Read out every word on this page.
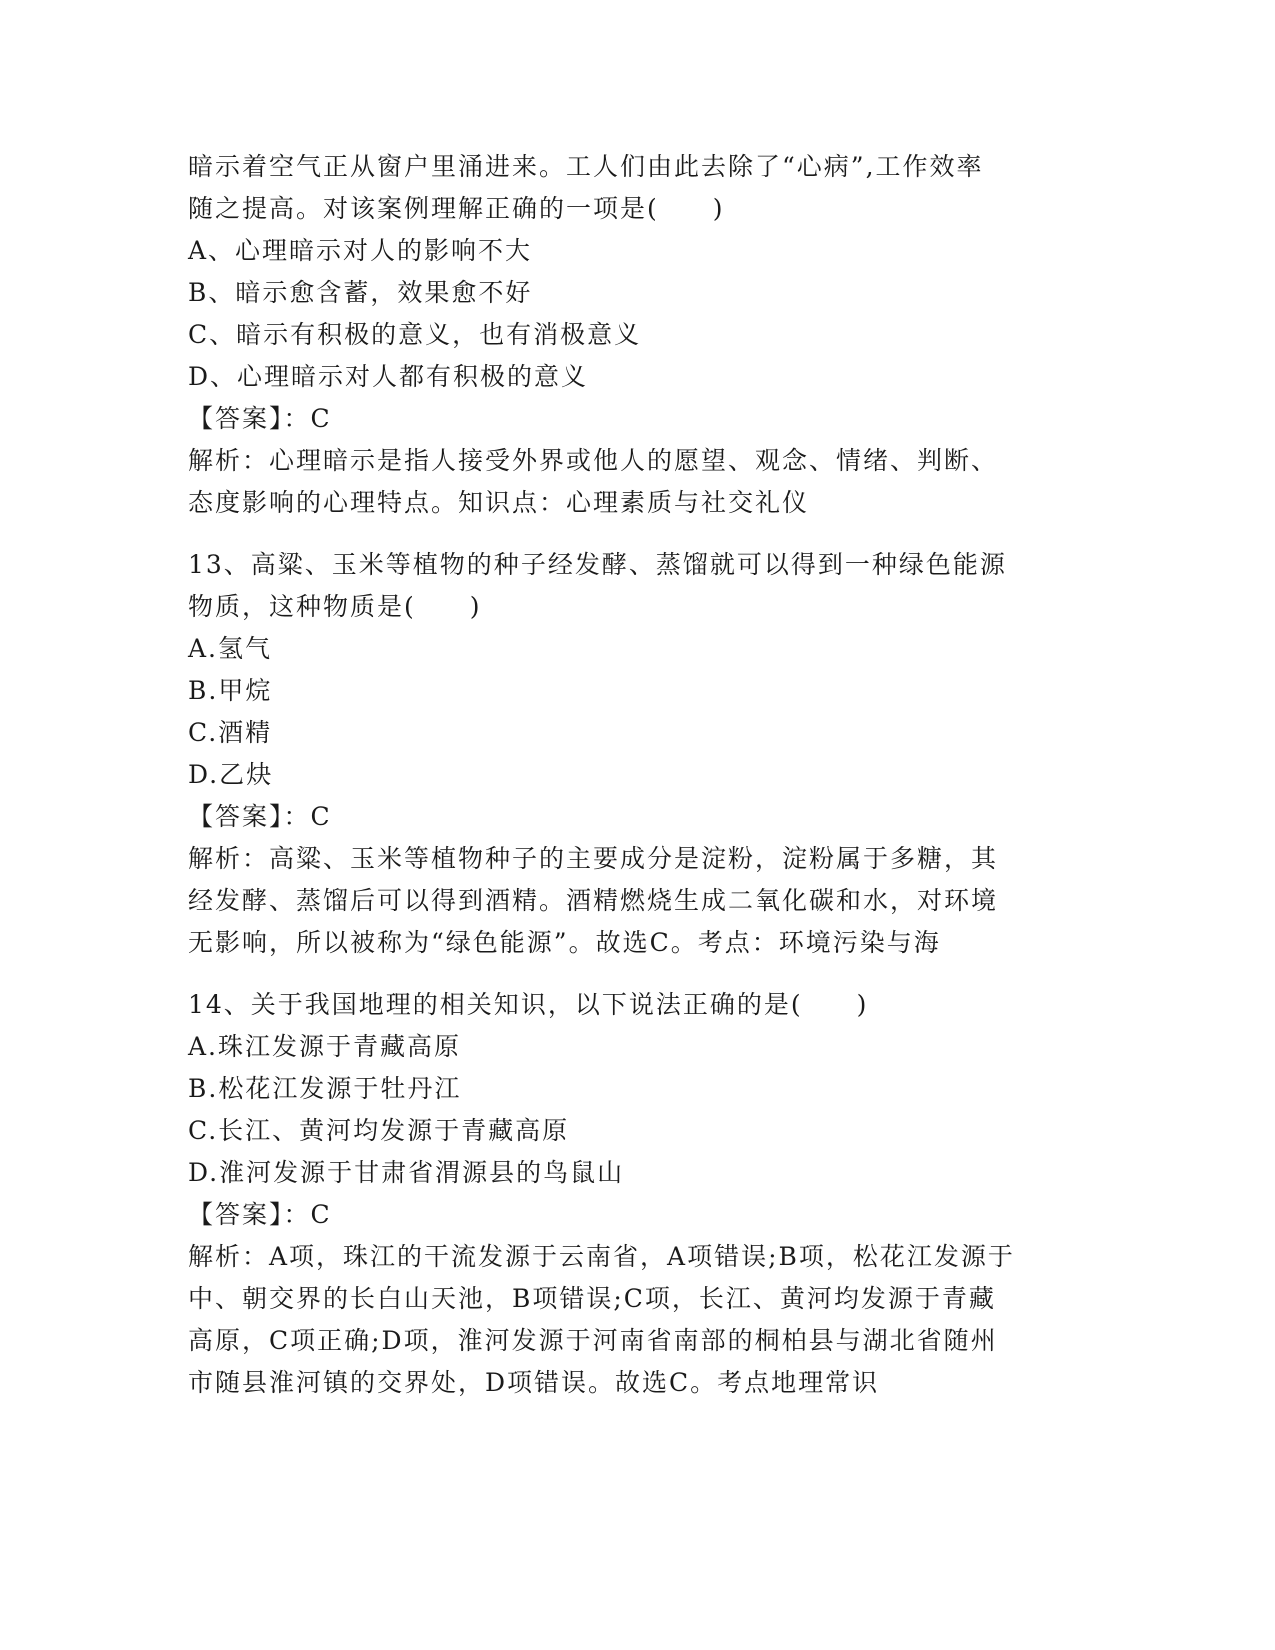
暗示着空气正从窗户里涌进来。工人们由此去除了“心病”,工作效率
随之提高。对该案例理解正确的一项是(　　)
A、心理暗示对人的影响不大
B、暗示愈含蓄，效果愈不好
C、暗示有积极的意义，也有消极意义
D、心理暗示对人都有积极的意义
【答案】：C
解析：心理暗示是指人接受外界或他人的愿望、观念、情绪、判断、
态度影响的心理特点。知识点：心理素质与社交礼仪
13、高粱、玉米等植物的种子经发酵、蒸馏就可以得到一种绿色能源
物质，这种物质是(　　)
A.氢气
B.甲烷
C.酒精
D.乙炔
【答案】：C
解析：高粱、玉米等植物种子的主要成分是淀粉，淀粉属于多糖，其
经发酵、蒸馏后可以得到酒精。酒精燃烧生成二氧化碳和水，对环境
无影响，所以被称为“绿色能源”。故选C。考点：环境污染与海
14、关于我国地理的相关知识，以下说法正确的是(　　)
A.珠江发源于青藏高原
B.松花江发源于牡丹江
C.长江、黄河均发源于青藏高原
D.淮河发源于甘肃省渭源县的鸟鼠山
【答案】：C
解析：A项，珠江的干流发源于云南省，A项错误;B项，松花江发源于
中、朝交界的长白山天池，B项错误;C项，长江、黄河均发源于青藏
高原，C项正确;D项，淮河发源于河南省南部的桐柏县与湖北省随州
市随县淮河镇的交界处，D项错误。故选C。考点地理常识
